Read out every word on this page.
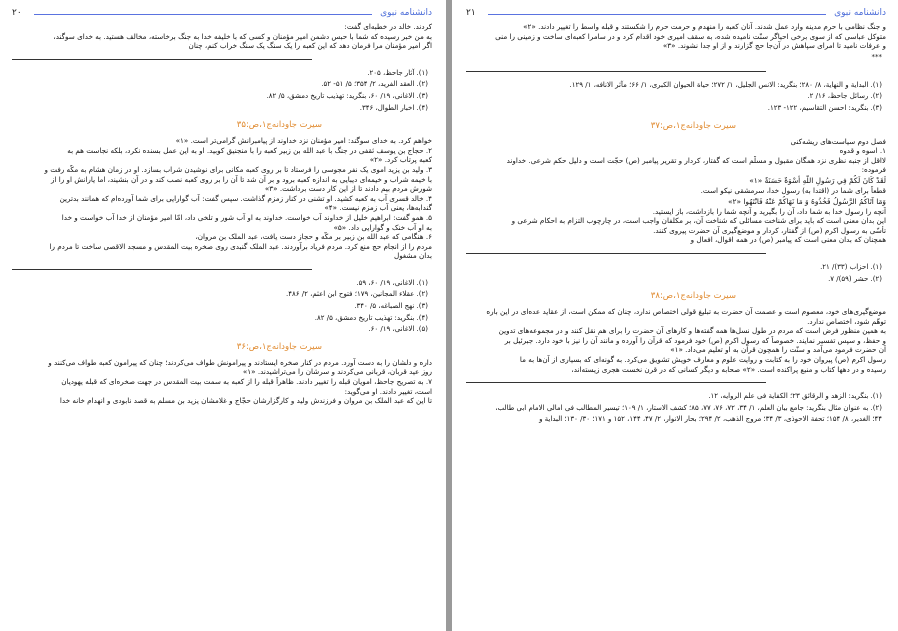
دانشنامه نبوی
۲۰
کردند. خالد در خطبه‌ای گفت:
به من خبر رسیده که شما با حبس دشمن امیر مؤمنان و کسی که با خلیفه خدا به جنگ برخاسته، مخالف هستید. به خدای سوگند،
اگر امیر مؤمنان مرا فرمان دهد که این کعبه را یک سنگ یک سنگ خراب کنم، چنان
(۱). آثار جاحظ، ۲۰۵.
(۲). العقد الفرید، ۲/ ۳۵۴؛ ۵/ ۵۱- ۵۲.
(۳). الاغانی، ۱۹/ ۶۰، بنگرید: تهذیب تاریخ دمشق، ۵/ ۸۲.
(۴). اخبار الطوال، ۳۴۶.
سیرت جاودانه‌ج۱،ص:۳۵
خواهم کرد. به خدای سوگند: امیر مؤمنان نزد خداوند از پیامبرانش گرامی‌تر است. «۱»
۲. حجاج بن یوسف ثقفی در جنگ با عبد الله بن زبیر کعبه را با منجنیق کوبید. او به این عمل بسنده نکرد، بلکه نجاست هم به
کعبه پرتاب کرد. «۲»
۳. ولید بن یزید اموی یک نفر مجوسی را فرستاد تا بر روی کعبه مکانی برای نوشیدن شراب بسازد. او در زمان هشام به مکّه رفت و
با خیمه شراب و خیمه‌ای دیبایی به اندازه کعبه برود و بر آن شد تا آن را بر روی کعبه نصب کند و در آن بنشیند، اما یارانش او را از
شورش مردم بیم دادند تا از این کار دست برداشت. «۳»
۴. خالد قسری آب به کعبه کشید. او تشنی در کنار زمزم گذاشت. سپس گفت: آب گوارایی برای شما آورده‌ام که همانند بدترین
گندابه‌ها، یعنی آب زمزم نیست. «۴»
۵. همو گفت: ابراهیم خلیل از خداوند آب خواست. خداوند به او آب شور و تلخی داد، امّا امیر مؤمنان از خدا آب خواست و خدا
به او آب خنک و گوارایی داد. «۵»
۶. هنگامی که عبد الله بن زبیر بر مکّه و حجاز دست یافت، عبد الملک بن مروان،
مردم را از انجام حج منع کرد. مردم فریاد برآوردند. عبد الملک گنبدی روی صخره بیت المقدس و مسجد الاقصی ساخت تا مردم را
بدان مشغول
(۱). الاغانی، ۱۹/ ۶۰، ۵۹.
(۲). عقلاء المجانین، ۱۷۹؛ فتوح ابن اعثم، ۲/ ۴۸۶.
(۳). نهج الصباغه، ۵/ ۳۴۰.
(۴). بنگرید: تهذیب تاریخ دمشق، ۵/ ۸۲.
(۵). الاغانی، ۱۹/ ۶۰.
سیرت جاودانه‌ج۱،ص:۳۶
داره و دلشان را به دست آورد. مردم در کنار صخره ایستادند و پیرامونش طواف می‌کردند؛ چنان که پیرامون کعبه طواف می‌کنند و
روز عید قربان، قربانی می‌کردند و سرشان را می‌تراشیدند. «۱»
۷. به تصریح جاحظ، امویان قبله را تغییر دادند. ظاهراً قبله را از کعبه به سمت بیت المقدس در جهت صخره‌ای که قبله یهودیان
است، تغییر دادند. او می‌گوید:
تا این که عبد الملک بن مروان و فرزندش ولید و کارگزارشان حجّاج و غلامشان یزید بن مسلم به قصد نابودی و انهدام خانه خدا
دانشنامه نبوی
۲۱
و جنگ نظامی با حرم مدینه وارد عمل شدند. آنان کعبه را منهدم و حرمت حرم را شکستند و قبله واسط را تغییر دادند. «۲»
متوکل عباسی که از سوی برخی احیاگر سنّت نامیده شده، به سقف امیری خود اقدام کرد و در سامرا کعبه‌ای ساخت و زمینی را منی
و عرفات نامید تا امرای سپاهش در آن‌جا حج گزارند و از او جدا نشوند. «۳»
***
(۱). البدایة و النهایة، ۸/ ۲۸۰؛ بنگرید: الانس الجلیل، ۱/ ۲۷۲؛ حیاة الحیوان الکبری، ۱/ ۶۶؛ مآثر الانافه، ۱/ ۱۲۹.
(۲). رسائل جاحظ، ۱۶/ ۲.
(۳). بنگرید: احسن التقاسیم، ۱۲۲- ۱۲۳.
سیرت جاودانه‌ج۱،ص:۳۷
فصل دوم سیاست‌های ریشه‌کنی
۱. اسوه و قدوه
لااقل از جنبه نظری نزد همگان مقبول و مسلّم است که گفتار، کردار و تقریر پیامبر (ص) حجّت است و دلیل حکم شرعی. خداوند
فرموده:
لَقَدْ كَانَ لَكُمْ فِي رَسُولِ اللَّهِ أُسْوَةٌ حَسَنَةٌ «۱»
قطعاً برای شما در (اقتدا به) رسول خدا، سرمشقی نیکو است.
وَمَا آتَاكُمُ الرَّسُولُ فَخُذُوهُ وَ مَا نَهَاكُمْ عَنْهُ فَانْتَهُوا «۲»
آنچه را رسول خدا به شما داد، آن را بگیرید و آنچه شما را بازداشت، باز ایستید.
این بدان معنی است که باید برای شناخت مسائلی که شناخت آن، بر مکلفان واجب است، در چارچوب التزام به احکام شرعی و
تأسّی به رسول اکرم (ص) از گفتار، کردار و موضع‌گیری آن حضرت پیروی کنند.
همچنان که بدان معنی است که پیامبر (ص) در همه اقوال، افعال و
(۱). احزاب (۳۳)/ ۲۱.
(۲). حشر (۵۹)/ ۷.
سیرت جاودانه‌ج۱،ص:۳۸
موضع‌گیری‌های خود، معصوم است و عصمت آن حضرت به تبلیغ قولی اختصاص ندارد، چنان که ممکن است، از عقاید عده‌ای در این باره
توهّم شود، اختصاص ندارد.
به همین منظور فرض است که مردم در طول نسل‌ها همه گفته‌ها و کارهای آن حضرت را برای هم نقل کنند و در مجموعه‌های تدوین
و حفظ، و سپس تفسیر نمایند. خصوصاً که رسول اکرم (ص) خود فرمود که قرآن را آورده و مانند آن را نیز با خود دارد. جبرئیل بر
آن حضرت فرمود می‌آمد و سنّت را همچون قرآن به او تعلیم می‌داد. «۱»
رسول اکرم (ص) پیروان خود را به کتابت و روایت علوم و معارف خویش تشویق می‌کرد. به گونه‌ای که بسیاری از آن‌ها به ما
رسیده و در دهها کتاب و منبع پراکنده است. «۲» صحابه و دیگر کسانی که در قرن نخست هجری زیسته‌اند،
(۱). بنگرید: الزهد و الرقائق ۲۳؛ الکفایة فی علم الروایه، ۱۲.
(۲). به عنوان مثال بنگرید: جامع بیان العلم، ۱/ ۳۴، ۷۲، ۷۶، ۷۷، ۸۵؛ کشف الاستار، ۱/ ۱۰۹؛ تیسیر المطالب فی امالی الامام ابی طالب،
۴۴؛ الغدیر، ۸/ ۱۵۴؛ تحفة الاحوذی، ۳/ ۳۴؛ مروج الذهب، ۲/ ۲۹۴؛ بحار الانوار، ۲/ ۴۷، ۱۴۴، ۱۵۲ و ۱۷۱؛ ۳۰/ ۱۳۰؛ البدایة و
